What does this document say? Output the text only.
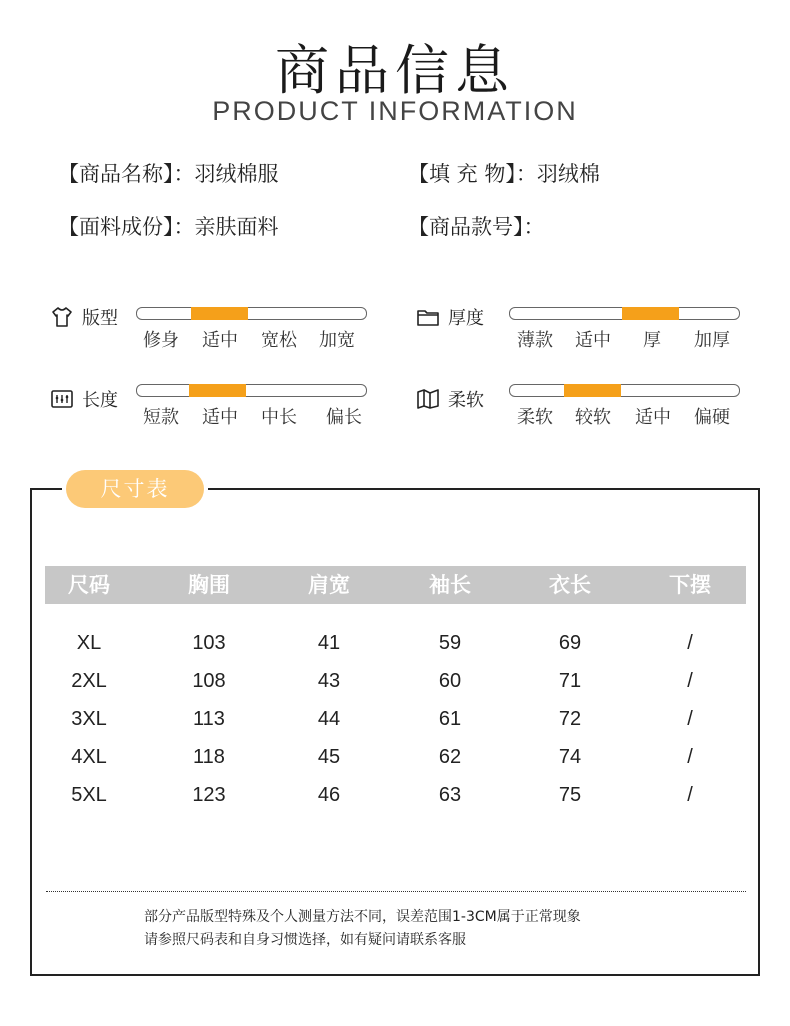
商品信息
PRODUCT INFORMATION
【商品名称】：羽绒棉服	【填 充 物】：羽绒棉
【面料成份】：亲肤面料	【商品款号】：
版型
修身 适中 宽松 加宽
厚度
薄款 适中 厚 加厚
长度
短款 适中 中长 偏长
柔软
柔软 较软 适中 偏硬
尺寸表
尺码	胸围	肩宽	袖长	衣长	下摆
XL	103	41	59	69	/
2XL	108	43	60	71	/
3XL	113	44	61	72	/
4XL	118	45	62	74	/
5XL	123	46	63	75	/
部分产品版型特殊及个人测量方法不同，误差范围1-3CM属于正常现象
请参照尺码表和自身习惯选择，如有疑问请联系客服
